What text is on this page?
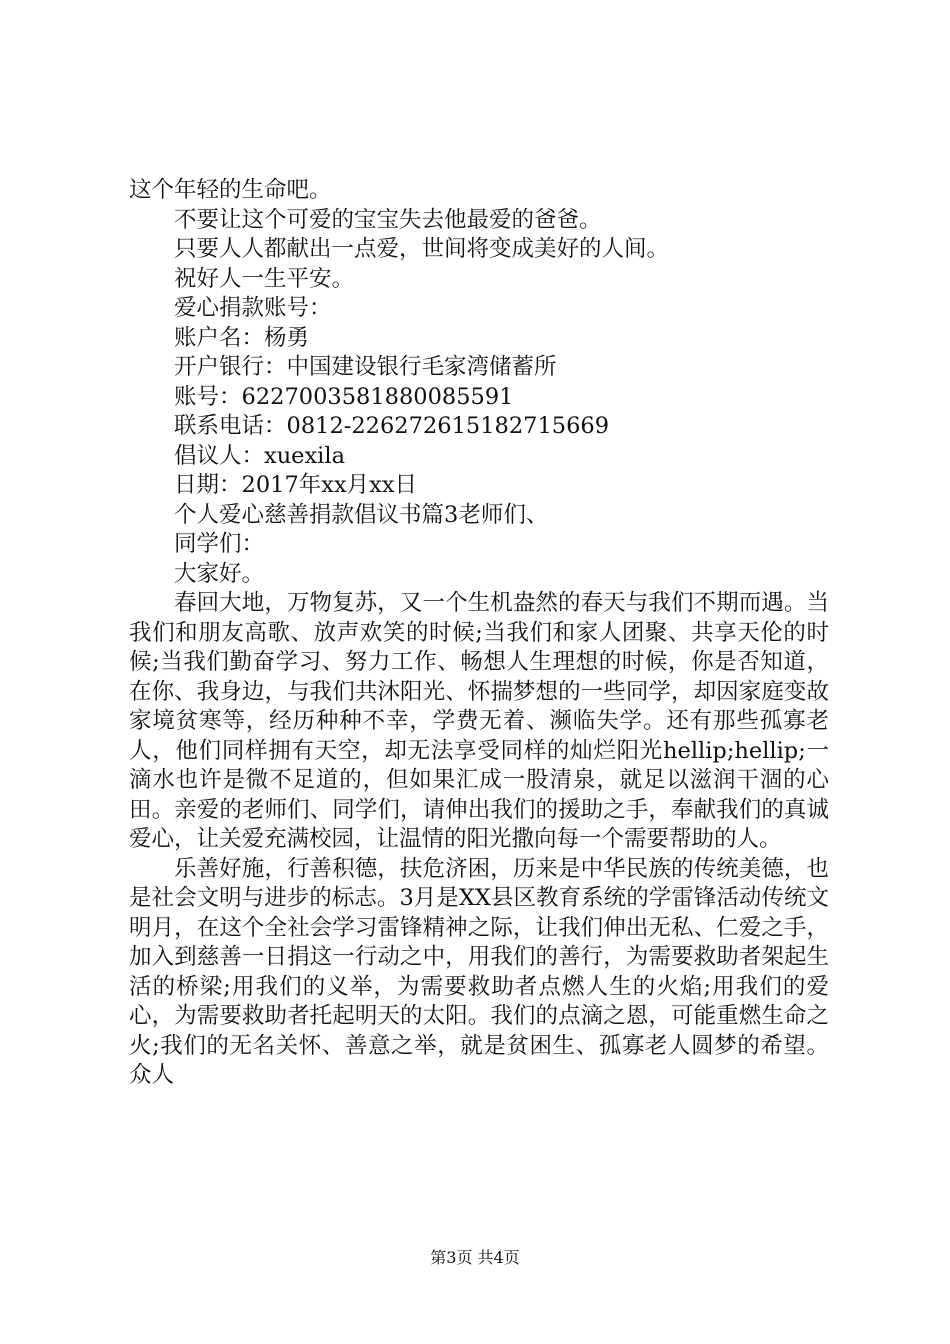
这个年轻的生命吧。
不要让这个可爱的宝宝失去他最爱的爸爸。
只要人人都献出一点爱，世间将变成美好的人间。
祝好人一生平安。
爱心捐款账号：
账户名：杨勇
开户银行：中国建设银行毛家湾储蓄所
账号：6227003581880085591
联系电话：0812-226272615182715669
倡议人：xuexila
日期：2017年xx月xx日
个人爱心慈善捐款倡议书篇3老师们、
同学们：
大家好。

春回大地，万物复苏，又一个生机盎然的春天与我们不期而遇。当我们和朋友高歌、放声欢笑的时候;当我们和家人团聚、共享天伦的时候;当我们勤奋学习、努力工作、畅想人生理想的时候，你是否知道，在你、我身边，与我们共沐阳光、怀揣梦想的一些同学，却因家庭变故家境贫寒等，经历种种不幸，学费无着、濒临失学。还有那些孤寡老人，他们同样拥有天空，却无法享受同样的灿烂阳光hellip;hellip;一滴水也许是微不足道的，但如果汇成一股清泉，就足以滋润干涸的心田。亲爱的老师们、同学们，请伸出我们的援助之手，奉献我们的真诚爱心，让关爱充满校园，让温情的阳光撒向每一个需要帮助的人。

乐善好施，行善积德，扶危济困，历来是中华民族的传统美德，也是社会文明与进步的标志。3月是XX县区教育系统的学雷锋活动传统文明月，在这个全社会学习雷锋精神之际，让我们伸出无私、仁爱之手，加入到慈善一日捐这一行动之中，用我们的善行，为需要救助者架起生活的桥梁;用我们的义举，为需要救助者点燃人生的火焰;用我们的爱心，为需要救助者托起明天的太阳。我们的点滴之恩，可能重燃生命之火;我们的无名关怀、善意之举，就是贫困生、孤寡老人圆梦的希望。众人

第3页 共4页
